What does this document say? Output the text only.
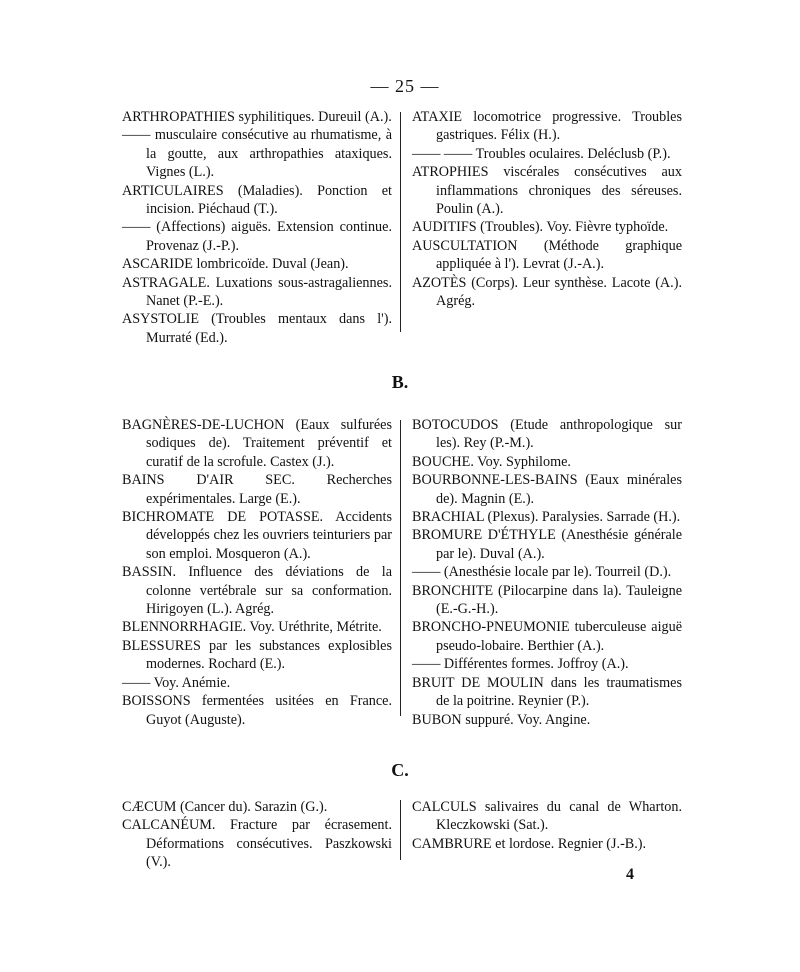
— 25 —

ARTHROPATHIES syphilitiques. Dureuil (A.).

—— musculaire consécutive au rhumatisme, à la goutte, aux arthropathies ataxiques. Vignes (L.).

ARTICULAIRES (Maladies). Ponction et incision. Piéchaud (T.).

—— (Affections) aiguës. Extension continue. Provenaz (J.-P.).

ASCARIDE lombricoïde. Duval (Jean).

ASTRAGALE. Luxations sous-astragaliennes. Nanet (P.-E.).

ASYSTOLIE (Troubles mentaux dans l'). Murraté (Ed.).

ATAXIE locomotrice progressive. Troubles gastriques. Félix (H.).

—— —— Troubles oculaires. Deléclusb (P.).

ATROPHIES viscérales consécutives aux inflammations chroniques des séreuses. Poulin (A.).

AUDITIFS (Troubles). Voy. Fièvre typhoïde.

AUSCULTATION (Méthode graphique appliquée à l'). Levrat (J.-A.).

AZOTÈS (Corps). Leur synthèse. Lacote (A.). Agrég.

B.

BAGNÈRES-DE-LUCHON (Eaux sulfurées sodiques de). Traitement préventif et curatif de la scrofule. Castex (J.).

BAINS D'AIR SEC. Recherches expérimentales. Large (E.).

BICHROMATE DE POTASSE. Accidents développés chez les ouvriers teinturiers par son emploi. Mosqueron (A.).

BASSIN. Influence des déviations de la colonne vertébrale sur sa conformation. Hirigoyen (L.). Agrég.

BLENNORRHAGIE. Voy. Uréthrite, Métrite.

BLESSURES par les substances explosibles modernes. Rochard (E.).

—— Voy. Anémie.

BOISSONS fermentées usitées en France. Guyot (Auguste).

BOTOCUDOS (Etude anthropologique sur les). Rey (P.-M.).

BOUCHE. Voy. Syphilome.

BOURBONNE-LES-BAINS (Eaux minérales de). Magnin (E.).

BRACHIAL (Plexus). Paralysies. Sarrade (H.).

BROMURE D'ÉTHYLE (Anesthésie générale par le). Duval (A.).

—— (Anesthésie locale par le). Tourreil (D.).

BRONCHITE (Pilocarpine dans la). Tauleigne (E.-G.-H.).

BRONCHO-PNEUMONIE tuberculeuse aiguë pseudo-lobaire. Berthier (A.).

—— Différentes formes. Joffroy (A.).

BRUIT DE MOULIN dans les traumatismes de la poitrine. Reynier (P.).

BUBON suppuré. Voy. Angine.

C.

CÆCUM (Cancer du). Sarazin (G.).

CALCANÉUM. Fracture par écrasement. Déformations consécutives. Paszkowski (V.).

CALCULS salivaires du canal de Wharton. Kleczkowski (Sat.).

CAMBRURE et lordose. Regnier (J.-B.).

4
